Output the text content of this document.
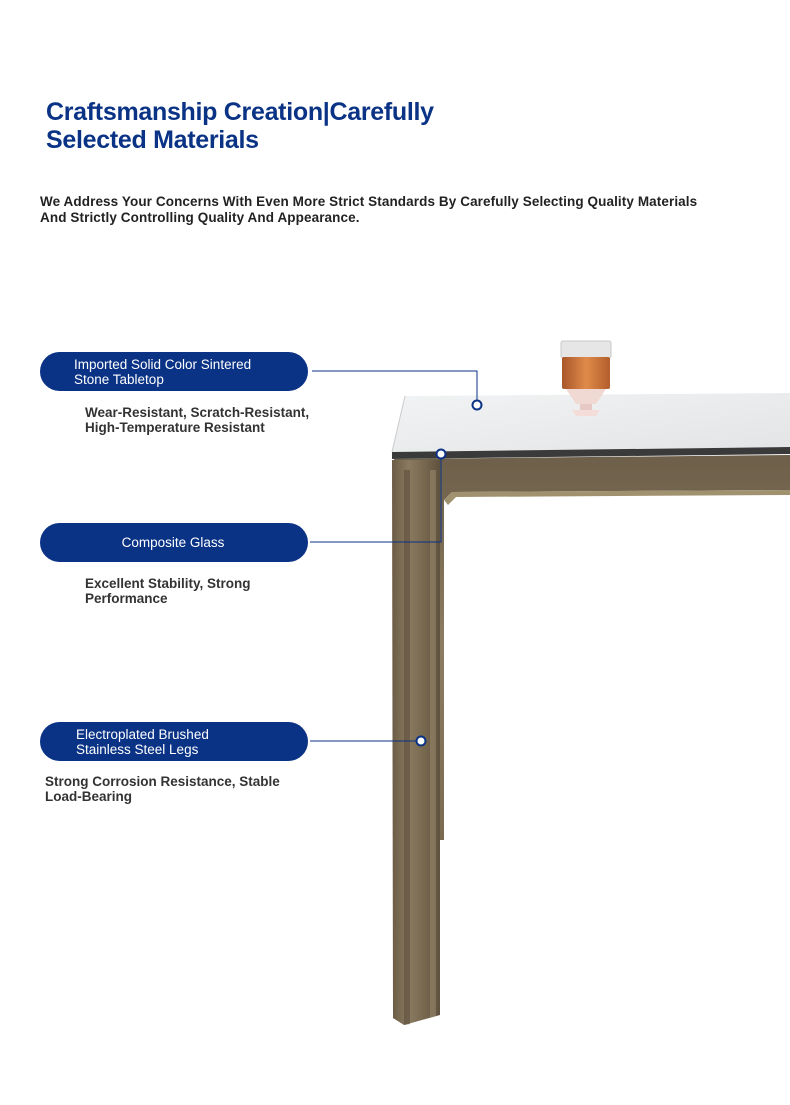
Craftsmanship Creation|Carefully Selected Materials
We Address Your Concerns With Even More Strict Standards By Carefully Selecting Quality Materials And Strictly Controlling Quality And Appearance.
Imported Solid Color Sintered
Stone Tabletop
Wear-Resistant, Scratch-Resistant, High-Temperature Resistant
Composite Glass
Excellent Stability, Strong Performance
Electroplated Brushed
Stainless Steel Legs
Strong Corrosion Resistance, Stable Load-Bearing
